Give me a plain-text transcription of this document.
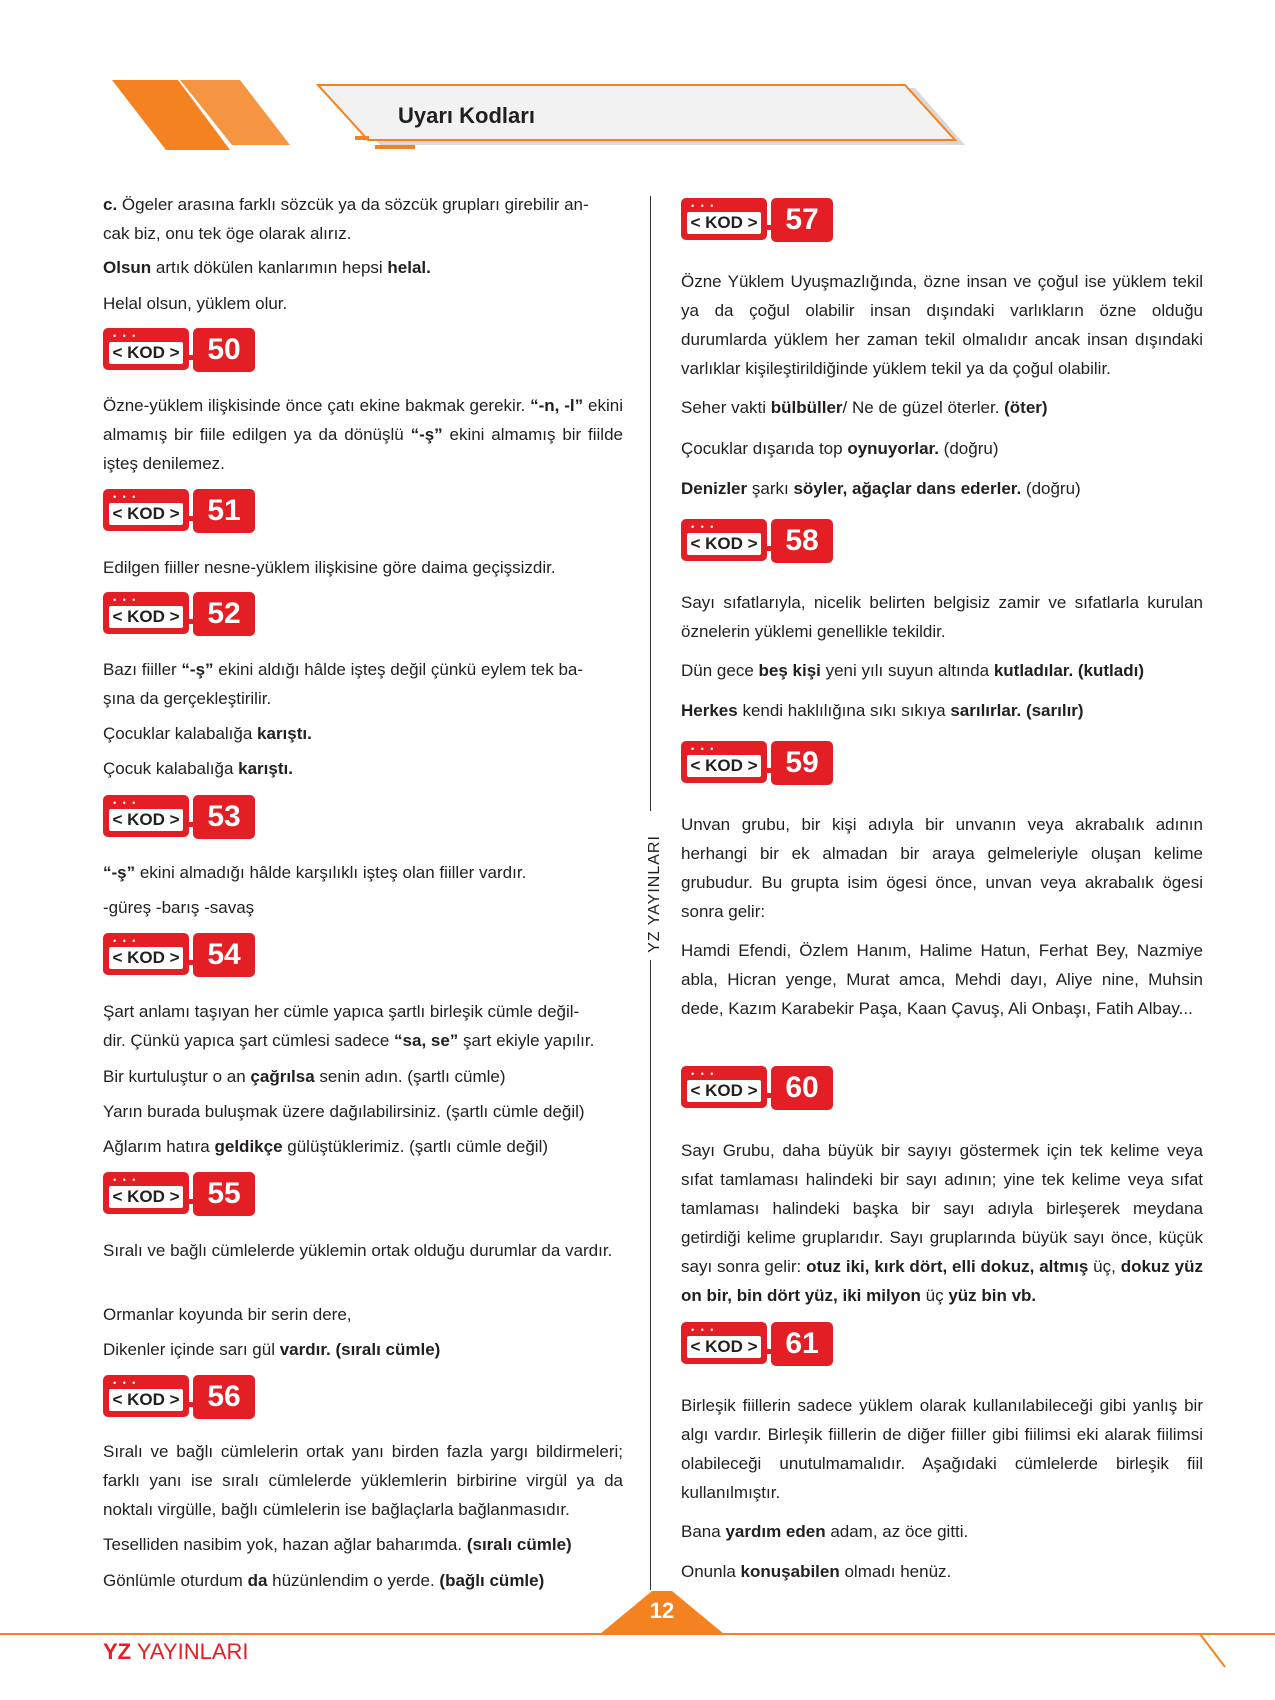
Uyarı Kodları
YZ YAYINLARI
c. Ögeler arasına farklı sözcük ya da sözcük grupları girebilir an-
cak biz, onu tek öge olarak alırız.
Olsun artık dökülen kanlarımın hepsi helal.
Helal olsun, yüklem olur.
• • •
< KOD > 50
Özne-yüklem ilişkisinde önce çatı ekine bakmak gerekir. “-n, -l” ekini almamış bir fiile edilgen ya da dönüşlü “-ş” ekini almamış bir fiilde işteş denilemez.
• • •
< KOD > 51
Edilgen fiiller nesne-yüklem ilişkisine göre daima geçişsizdir.
• • •
< KOD > 52
Bazı fiiller “-ş” ekini aldığı hâlde işteş değil çünkü eylem tek ba-
şına da gerçekleştirilir.
Çocuklar kalabalığa karıştı.
Çocuk kalabalığa karıştı.
• • •
< KOD > 53
“-ş” ekini almadığı hâlde karşılıklı işteş olan fiiller vardır.
-güreş -barış -savaş
• • •
< KOD > 54
Şart anlamı taşıyan her cümle yapıca şartlı birleşik cümle değil-
dir. Çünkü yapıca şart cümlesi sadece “sa, se” şart ekiyle yapılır.
Bir kurtuluştur o an çağrılsa senin adın. (şartlı cümle)
Yarın burada buluşmak üzere dağılabilirsiniz. (şartlı cümle değil)
Ağlarım hatıra geldikçe gülüştüklerimiz. (şartlı cümle değil)
• • •
< KOD > 55
Sıralı ve bağlı cümlelerde yüklemin ortak olduğu durumlar da vardır.
Ormanlar koyunda bir serin dere,
Dikenler içinde sarı gül vardır. (sıralı cümle)
• • •
< KOD > 56
Sıralı ve bağlı cümlelerin ortak yanı birden fazla yargı bildirmeleri; farklı yanı ise sıralı cümlelerde yüklemlerin birbirine virgül ya da noktalı virgülle, bağlı cümlelerin ise bağlaçlarla bağlanmasıdır.
Teselliden nasibim yok, hazan ağlar baharımda. (sıralı cümle)
Gönlümle oturdum da hüzünlendim o yerde. (bağlı cümle)
• • •
< KOD > 57
Özne Yüklem Uyuşmazlığında, özne insan ve çoğul ise yüklem tekil ya da çoğul olabilir insan dışındaki varlıkların özne olduğu durumlarda yüklem her zaman tekil olmalıdır ancak insan dışındaki varlıklar kişileştirildiğinde yüklem tekil ya da çoğul olabilir.
Seher vakti bülbüller/ Ne de güzel öterler. (öter)
Çocuklar dışarıda top oynuyorlar. (doğru)
Denizler şarkı söyler, ağaçlar dans ederler. (doğru)
• • •
< KOD > 58
Sayı sıfatlarıyla, nicelik belirten belgisiz zamir ve sıfatlarla kurulan öznelerin yüklemi genellikle tekildir.
Dün gece beş kişi yeni yılı suyun altında kutladılar. (kutladı)
Herkes kendi haklılığına sıkı sıkıya sarılırlar. (sarılır)
• • •
< KOD > 59
Unvan grubu, bir kişi adıyla bir unvanın veya akrabalık adının herhangi bir ek almadan bir araya gelmeleriyle oluşan kelime grubudur. Bu grupta isim ögesi önce, unvan veya akrabalık ögesi sonra gelir:
Hamdi Efendi, Özlem Hanım, Halime Hatun, Ferhat Bey, Nazmiye abla, Hicran yenge, Murat amca, Mehdi dayı, Aliye nine, Muhsin dede, Kazım Karabekir Paşa, Kaan Çavuş, Ali Onbaşı, Fatih Albay...
• • •
< KOD > 60
Sayı Grubu, daha büyük bir sayıyı göstermek için tek kelime veya sıfat tamlaması halindeki bir sayı adının; yine tek kelime veya sıfat tamlaması halindeki başka bir sayı adıyla birleşerek meydana getirdiği kelime gruplarıdır. Sayı gruplarında büyük sayı önce, küçük sayı sonra gelir: otuz iki, kırk dört, elli dokuz, altmış üç, dokuz yüz on bir, bin dört yüz, iki milyon üç yüz bin vb.
• • •
< KOD > 61
Birleşik fiillerin sadece yüklem olarak kullanılabileceği gibi yanlış bir algı vardır. Birleşik fiillerin de diğer fiiller gibi fiilimsi eki alarak fiilimsi olabileceği unutulmamalıdır. Aşağıdaki cümlelerde birleşik fiil kullanılmıştır.
Bana yardım eden adam, az öce gitti.
Onunla konuşabilen olmadı henüz.
12
YZ YAYINLARI
